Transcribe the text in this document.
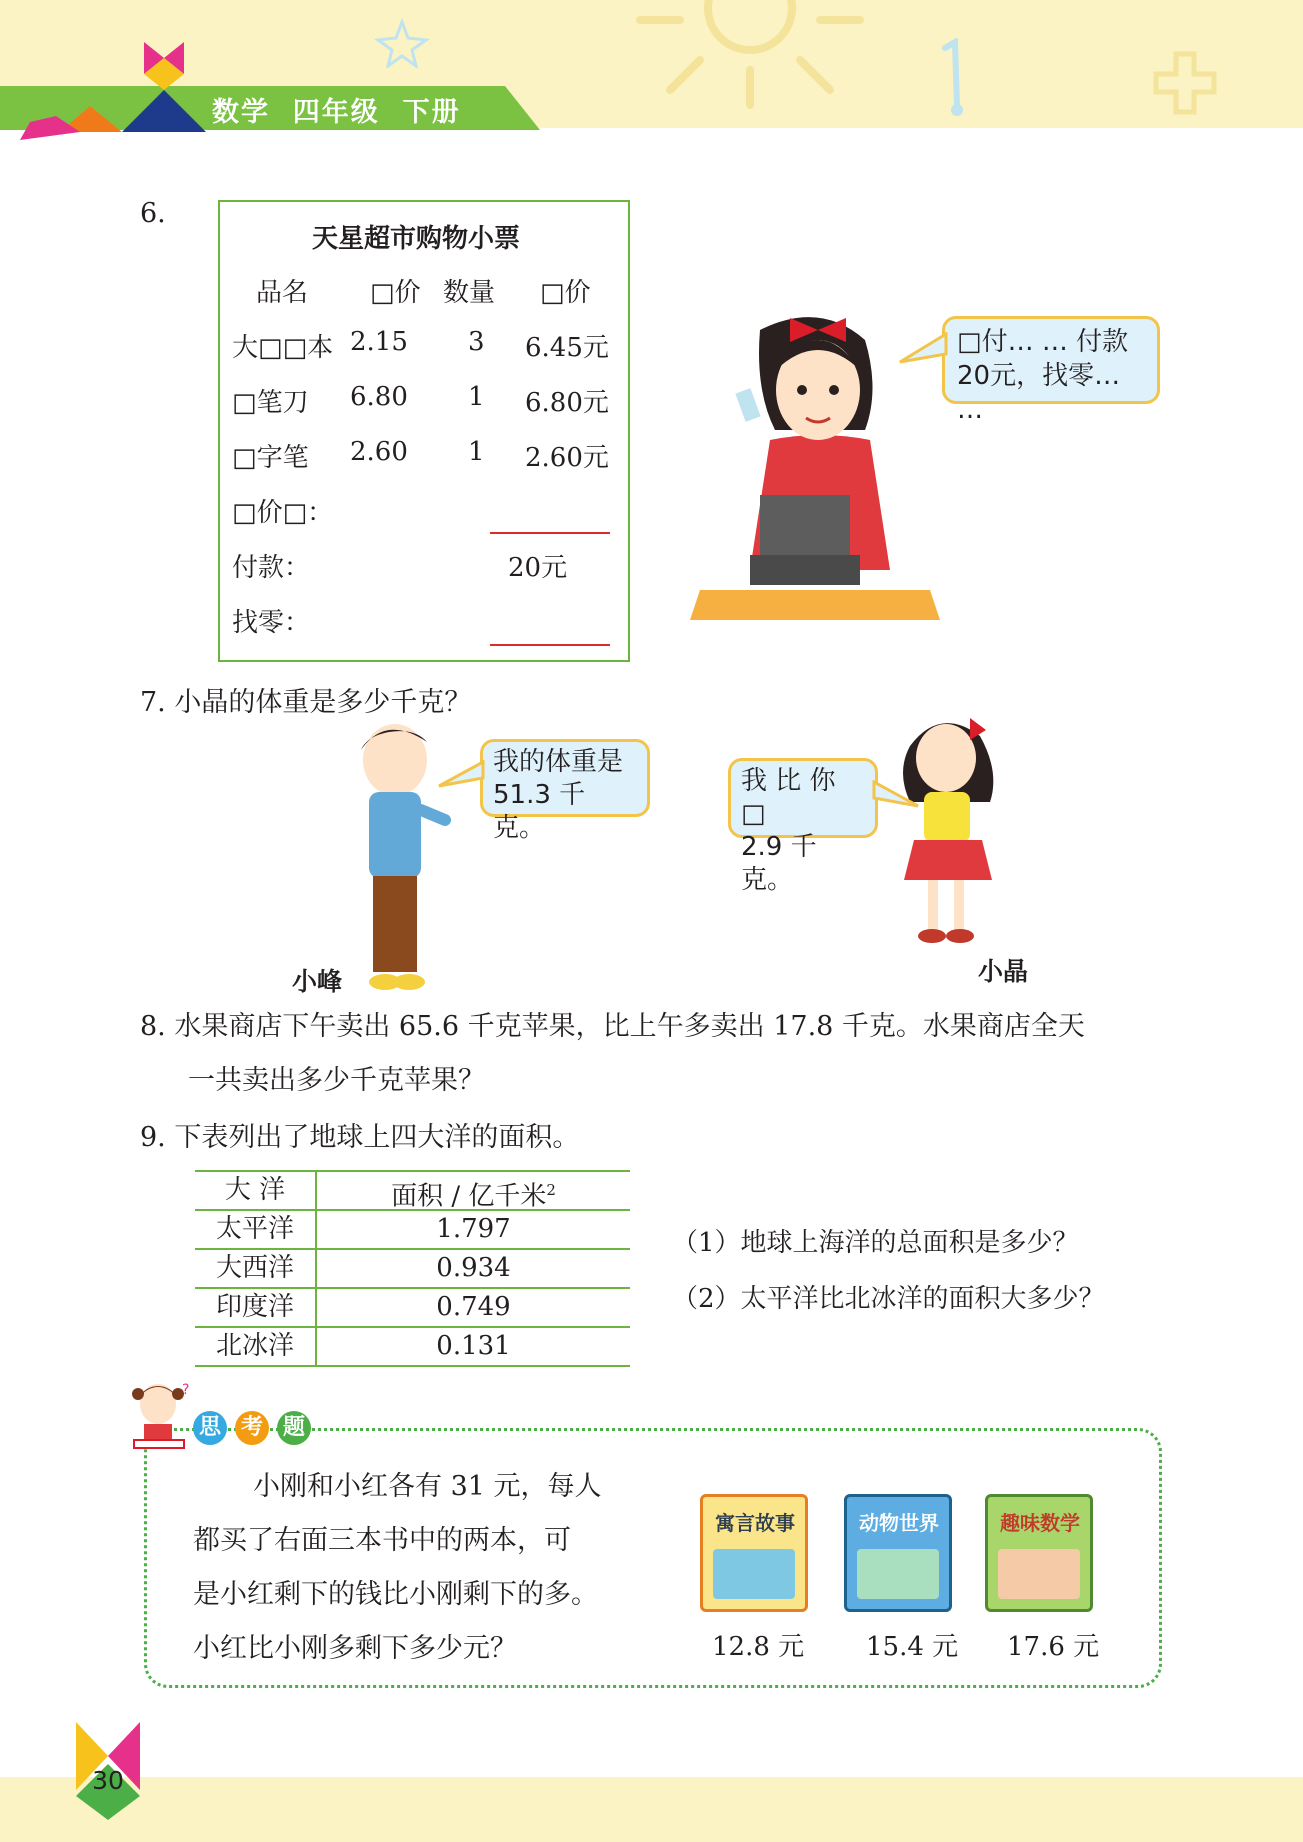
数学  四年级  下册
6.
天星超市购物小票
品名 □价 数量 □价
大□□本 2.15 3 6.45元
□笔刀 6.80 1 6.80元
□字笔 2.60 1 2.60元
□价□：
付款：	20元
找零：
□付… … 付款
20元，找零… …
7. 小晶的体重是多少千克？
我的体重是
51.3 千克。
小峰
我 比 你 □
2.9 千克。
小晶
8. 水果商店下午卖出 65.6 千克苹果，比上午多卖出 17.8 千克。水果商店全天
一共卖出多少千克苹果？
9. 下表列出了地球上四大洋的面积。
大 洋	面积 / 亿千米$^2$
太平洋	1.797
大西洋	0.934
印度洋	0.749
北冰洋	0.131
（1）地球上海洋的总面积是多少？
（2）太平洋比北冰洋的面积大多少？
?
思 考 题
小刚和小红各有 31 元，每人
都买了右面三本书中的两本，可
是小红剩下的钱比小刚剩下的多。
小红比小刚多剩下多少元？
寓言故事	动物世界	趣味数学
12.8 元 15.4 元 17.6 元
30
